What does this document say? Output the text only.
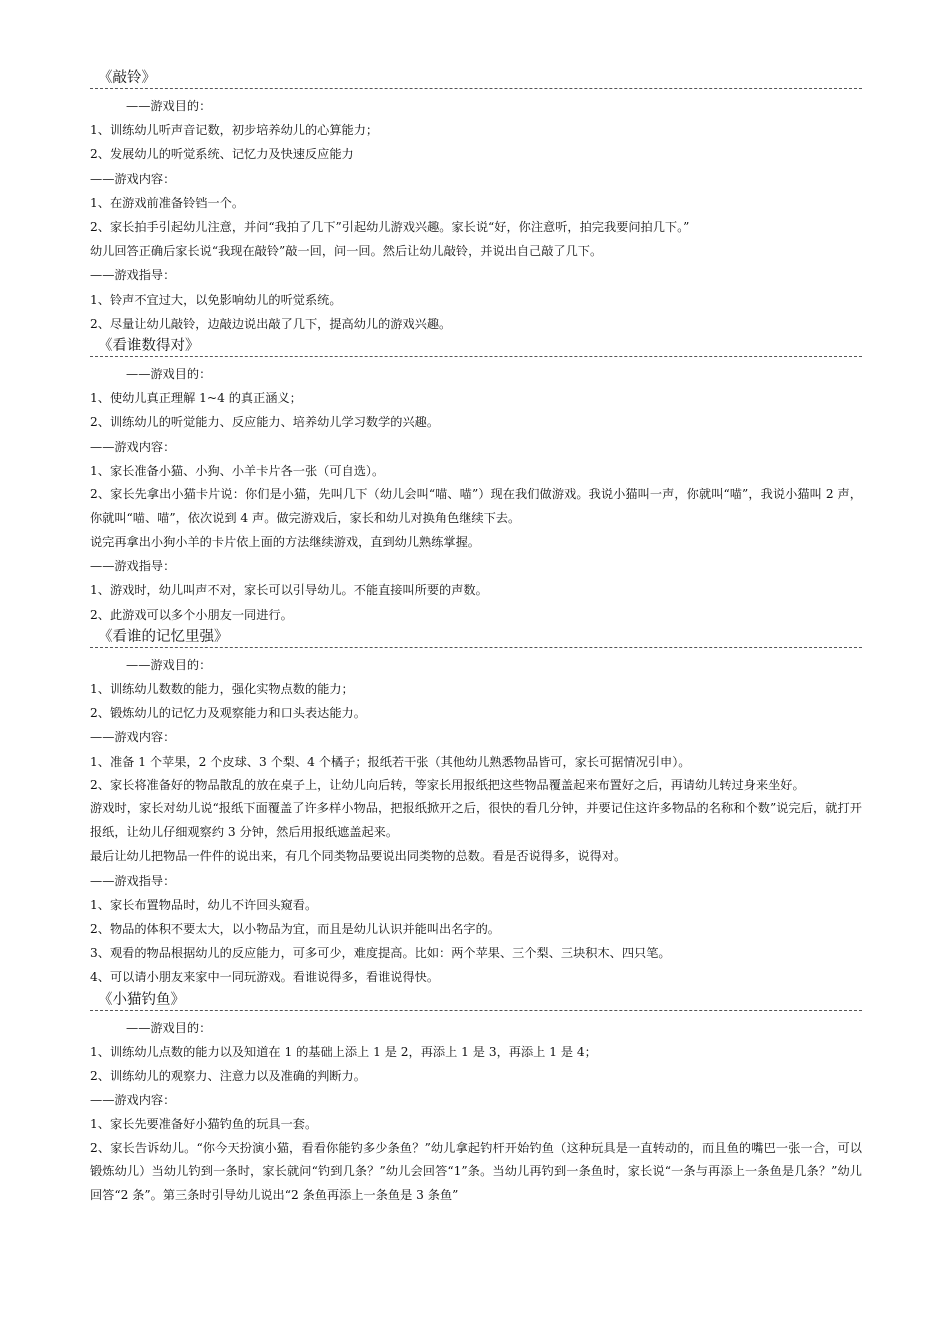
《敲铃》
——游戏目的：
1、训练幼儿听声音记数，初步培养幼儿的心算能力；
2、发展幼儿的听觉系统、记忆力及快速反应能力
——游戏内容：
1、在游戏前准备铃铛一个。
2、家长拍手引起幼儿注意，并问“我拍了几下”引起幼儿游戏兴趣。家长说“好，你注意听，拍完我要问拍几下。”
幼儿回答正确后家长说“我现在敲铃”敲一回，问一回。然后让幼儿敲铃，并说出自己敲了几下。
——游戏指导：
1、铃声不宜过大，以免影响幼儿的听觉系统。
2、尽量让幼儿敲铃，边敲边说出敲了几下，提高幼儿的游戏兴趣。
《看谁数得对》
——游戏目的：
1、使幼儿真正理解 1~4 的真正涵义；
2、训练幼儿的听觉能力、反应能力、培养幼儿学习数学的兴趣。
——游戏内容：
1、家长准备小猫、小狗、小羊卡片各一张（可自选）。
2、家长先拿出小猫卡片说：你们是小猫，先叫几下（幼儿会叫“喵、喵”）现在我们做游戏。我说小猫叫一声，你就叫“喵”，我说小猫叫 2 声，你就叫“喵、喵”，依次说到 4 声。做完游戏后，家长和幼儿对换角色继续下去。
说完再拿出小狗小羊的卡片依上面的方法继续游戏，直到幼儿熟练掌握。
——游戏指导：
1、游戏时，幼儿叫声不对，家长可以引导幼儿。不能直接叫所要的声数。
2、此游戏可以多个小朋友一同进行。
《看谁的记忆里强》
——游戏目的：
1、训练幼儿数数的能力，强化实物点数的能力；
2、锻炼幼儿的记忆力及观察能力和口头表达能力。
——游戏内容：
1、准备 1 个苹果，2 个皮球、3 个梨、4 个橘子；报纸若干张（其他幼儿熟悉物品皆可，家长可据情况引申）。
2、家长将准备好的物品散乱的放在桌子上，让幼儿向后转，等家长用报纸把这些物品覆盖起来布置好之后，再请幼儿转过身来坐好。
游戏时，家长对幼儿说“报纸下面覆盖了许多样小物品，把报纸掀开之后，很快的看几分钟，并要记住这许多物品的名称和个数”说完后，就打开报纸，让幼儿仔细观察约 3 分钟，然后用报纸遮盖起来。
最后让幼儿把物品一件件的说出来，有几个同类物品要说出同类物的总数。看是否说得多，说得对。
——游戏指导：
1、家长布置物品时，幼儿不许回头窥看。
2、物品的体积不要太大，以小物品为宜，而且是幼儿认识并能叫出名字的。
3、观看的物品根据幼儿的反应能力，可多可少，难度提高。比如：两个苹果、三个梨、三块积木、四只笔。
4、可以请小朋友来家中一同玩游戏。看谁说得多，看谁说得快。
《小猫钓鱼》
——游戏目的：
1、训练幼儿点数的能力以及知道在 1 的基础上添上 1 是 2，再添上 1 是 3，再添上 1 是 4；
2、训练幼儿的观察力、注意力以及准确的判断力。
——游戏内容：
1、家长先要准备好小猫钓鱼的玩具一套。
2、家长告诉幼儿。“你今天扮演小猫，看看你能钓多少条鱼？”幼儿拿起钓杆开始钓鱼（这种玩具是一直转动的，而且鱼的嘴巴一张一合，可以锻炼幼儿）当幼儿钓到一条时，家长就问“钓到几条？”幼儿会回答“1”条。当幼儿再钓到一条鱼时，家长说“一条与再添上一条鱼是几条？”幼儿回答“2 条”。第三条时引导幼儿说出“2 条鱼再添上一条鱼是 3 条鱼”
